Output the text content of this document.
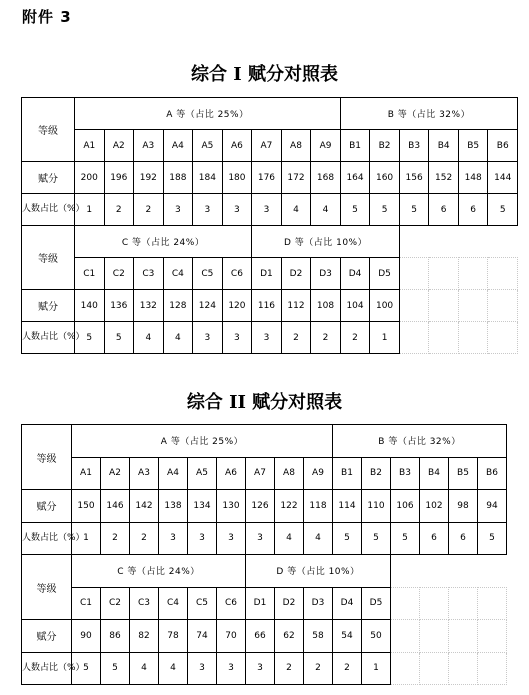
附件 3
综合 I 赋分对照表
等级	A 等（占比 25%）									B 等（占比 32%）					
	A1	A2	A3	A4	A5	A6	A7	A8	A9	B1	B2	B3	B4	B5	B6
赋分	200	196	192	188	184	180	176	172	168	164	160	156	152	148	144
人数占比（%）	1	2	2	3	3	3	3	4	4	5	5	5	6	6	5
等级	C 等（占比 24%）						D 等（占比 10%）								
	C1	C2	C3	C4	C5	C6	D1	D2	D3	D4	D5				
赋分	140	136	132	128	124	120	116	112	108	104	100				
人数占比（%）	5	5	4	4	3	3	3	2	2	2	1				
综合 II 赋分对照表
等级	A 等（占比 25%）									B 等（占比 32%）					
	A1	A2	A3	A4	A5	A6	A7	A8	A9	B1	B2	B3	B4	B5	B6
赋分	150	146	142	138	134	130	126	122	118	114	110	106	102	98	94
人数占比（%）	1	2	2	3	3	3	3	4	4	5	5	5	6	6	5
等级	C 等（占比 24%）						D 等（占比 10%）								
	C1	C2	C3	C4	C5	C6	D1	D2	D3	D4	D5				
赋分	90	86	82	78	74	70	66	62	58	54	50				
人数占比（%）	5	5	4	4	3	3	3	2	2	2	1				
